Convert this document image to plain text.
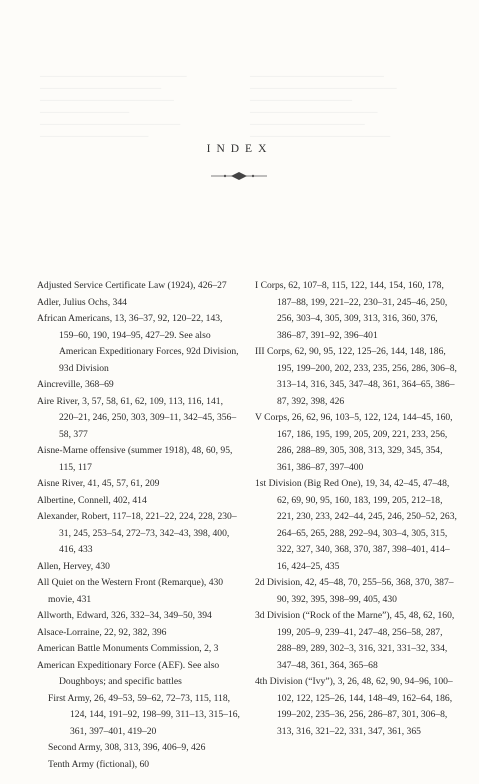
───────────────────────
───────────────────
─────────────────────
──────────────
──────────────────────
─────────────────
─────────────────────
───────────────────────
────────────────
────────────────────
──────────────────
──────────────────────
INDEX
Adjusted Service Certificate Law (1924), 426–27
Adler, Julius Ochs, 344
African Americans, 13, 36–37, 92, 120–22, 143, 159–60, 190, 194–95, 427–29. See also American Expeditionary Forces, 92d Division, 93d Division
Aincreville, 368–69
Aire River, 3, 57, 58, 61, 62, 109, 113, 116, 141, 220–21, 246, 250, 303, 309–11, 342–45, 356–58, 377
Aisne-Marne offensive (summer 1918), 48, 60, 95, 115, 117
Aisne River, 41, 45, 57, 61, 209
Albertine, Connell, 402, 414
Alexander, Robert, 117–18, 221–22, 224, 228, 230–31, 245, 253–54, 272–73, 342–43, 398, 400, 416, 433
Allen, Hervey, 430
All Quiet on the Western Front (Remarque), 430
movie, 431
Allworth, Edward, 326, 332–34, 349–50, 394
Alsace-Lorraine, 22, 92, 382, 396
American Battle Monuments Commission, 2, 3
American Expeditionary Force (AEF). See also Doughboys; and specific battles
First Army, 26, 49–53, 59–62, 72–73, 115, 118, 124, 144, 191–92, 198–99, 311–13, 315–16, 361, 397–401, 419–20
Second Army, 308, 313, 396, 406–9, 426
Tenth Army (fictional), 60
I Corps, 62, 107–8, 115, 122, 144, 154, 160, 178, 187–88, 199, 221–22, 230–31, 245–46, 250, 256, 303–4, 305, 309, 313, 316, 360, 376, 386–87, 391–92, 396–401
III Corps, 62, 90, 95, 122, 125–26, 144, 148, 186, 195, 199–200, 202, 233, 235, 256, 286, 306–8, 313–14, 316, 345, 347–48, 361, 364–65, 386–87, 392, 398, 426
V Corps, 26, 62, 96, 103–5, 122, 124, 144–45, 160, 167, 186, 195, 199, 205, 209, 221, 233, 256, 286, 288–89, 305, 308, 313, 329, 345, 354, 361, 386–87, 397–400
1st Division (Big Red One), 19, 34, 42–45, 47–48, 62, 69, 90, 95, 160, 183, 199, 205, 212–18, 221, 230, 233, 242–44, 245, 246, 250–52, 263, 264–65, 265, 288, 292–94, 303–4, 305, 315, 322, 327, 340, 368, 370, 387, 398–401, 414–16, 424–25, 435
2d Division, 42, 45–48, 70, 255–56, 368, 370, 387–90, 392, 395, 398–99, 405, 430
3d Division (“Rock of the Marne”), 45, 48, 62, 160, 199, 205–9, 239–41, 247–48, 256–58, 287, 288–89, 289, 302–3, 316, 321, 331–32, 334, 347–48, 361, 364, 365–68
4th Division (“Ivy”), 3, 26, 48, 62, 90, 94–96, 100–102, 122, 125–26, 144, 148–49, 162–64, 186, 199–202, 235–36, 256, 286–87, 301, 306–8, 313, 316, 321–22, 331, 347, 361, 365
